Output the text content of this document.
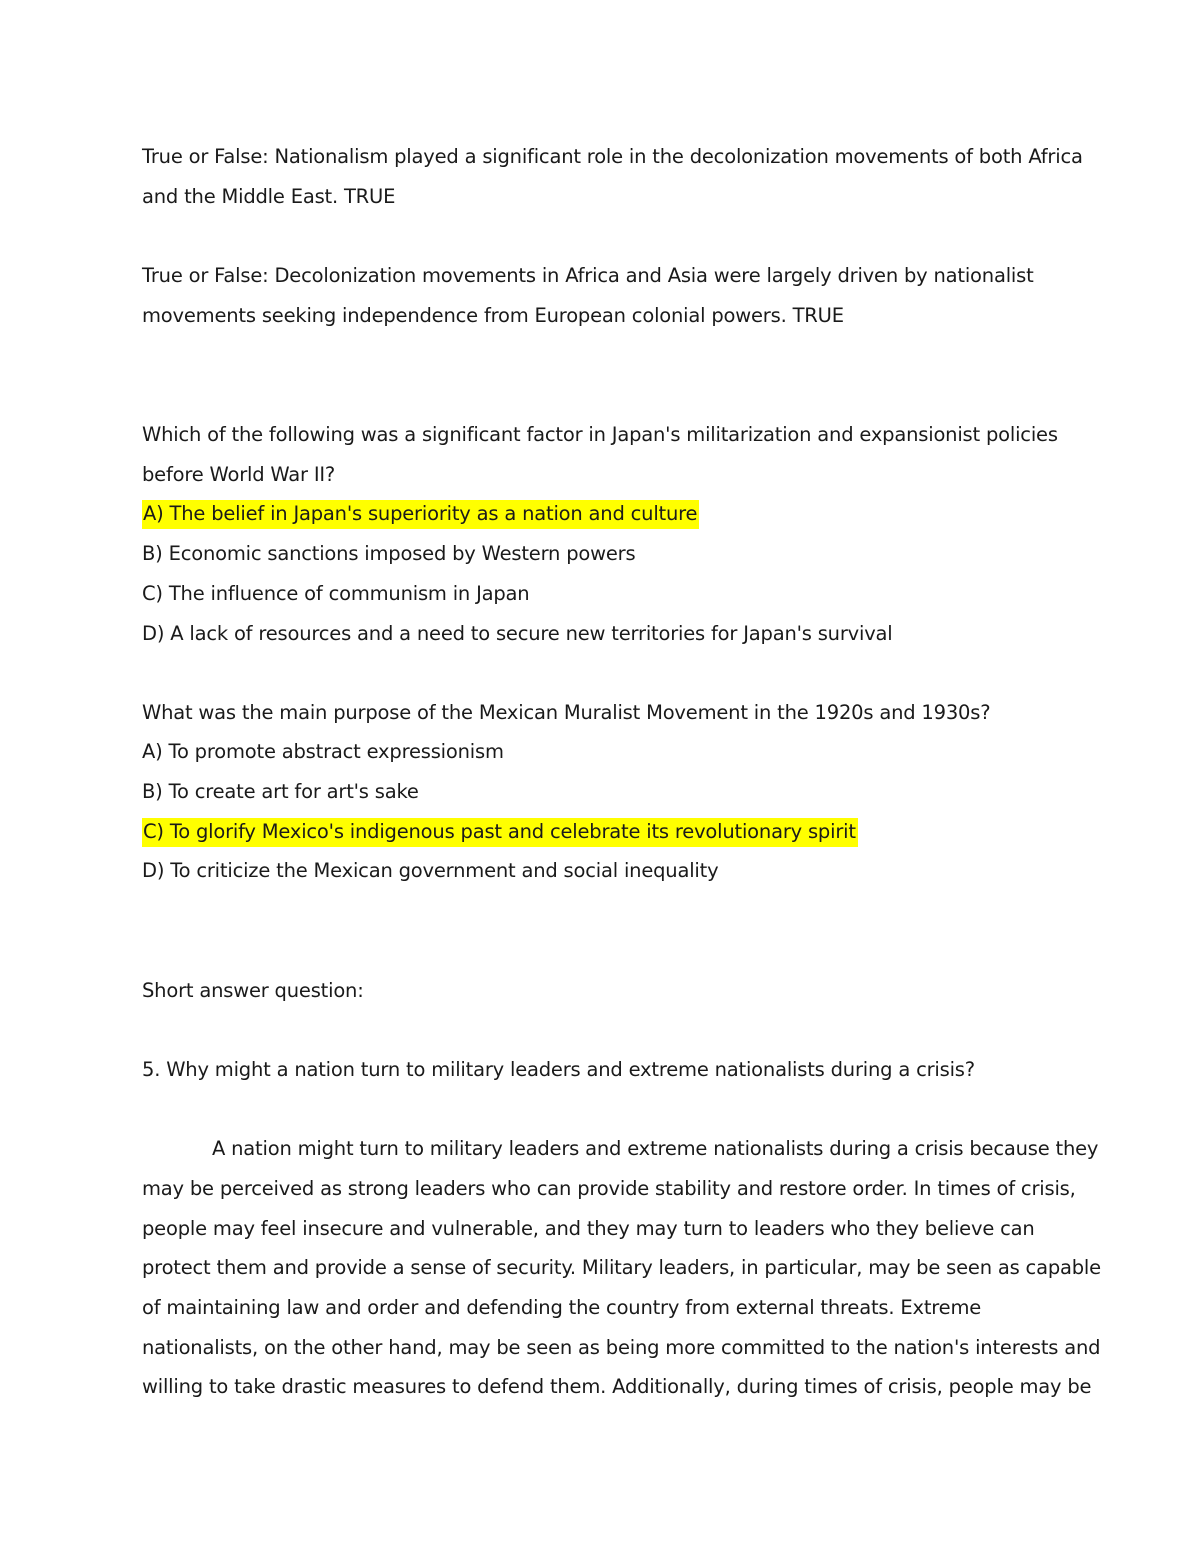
True or False: Nationalism played a significant role in the decolonization movements of both Africa
and the Middle East. TRUE
True or False: Decolonization movements in Africa and Asia were largely driven by nationalist
movements seeking independence from European colonial powers. TRUE
Which of the following was a significant factor in Japan's militarization and expansionist policies
before World War II?
A) The belief in Japan's superiority as a nation and culture
B) Economic sanctions imposed by Western powers
C) The influence of communism in Japan
D) A lack of resources and a need to secure new territories for Japan's survival
What was the main purpose of the Mexican Muralist Movement in the 1920s and 1930s?
A) To promote abstract expressionism
B) To create art for art's sake
C) To glorify Mexico's indigenous past and celebrate its revolutionary spirit
D) To criticize the Mexican government and social inequality
Short answer question:
5. Why might a nation turn to military leaders and extreme nationalists during a crisis?
A nation might turn to military leaders and extreme nationalists during a crisis because they
may be perceived as strong leaders who can provide stability and restore order. In times of crisis,
people may feel insecure and vulnerable, and they may turn to leaders who they believe can
protect them and provide a sense of security. Military leaders, in particular, may be seen as capable
of maintaining law and order and defending the country from external threats. Extreme
nationalists, on the other hand, may be seen as being more committed to the nation's interests and
willing to take drastic measures to defend them. Additionally, during times of crisis, people may be
